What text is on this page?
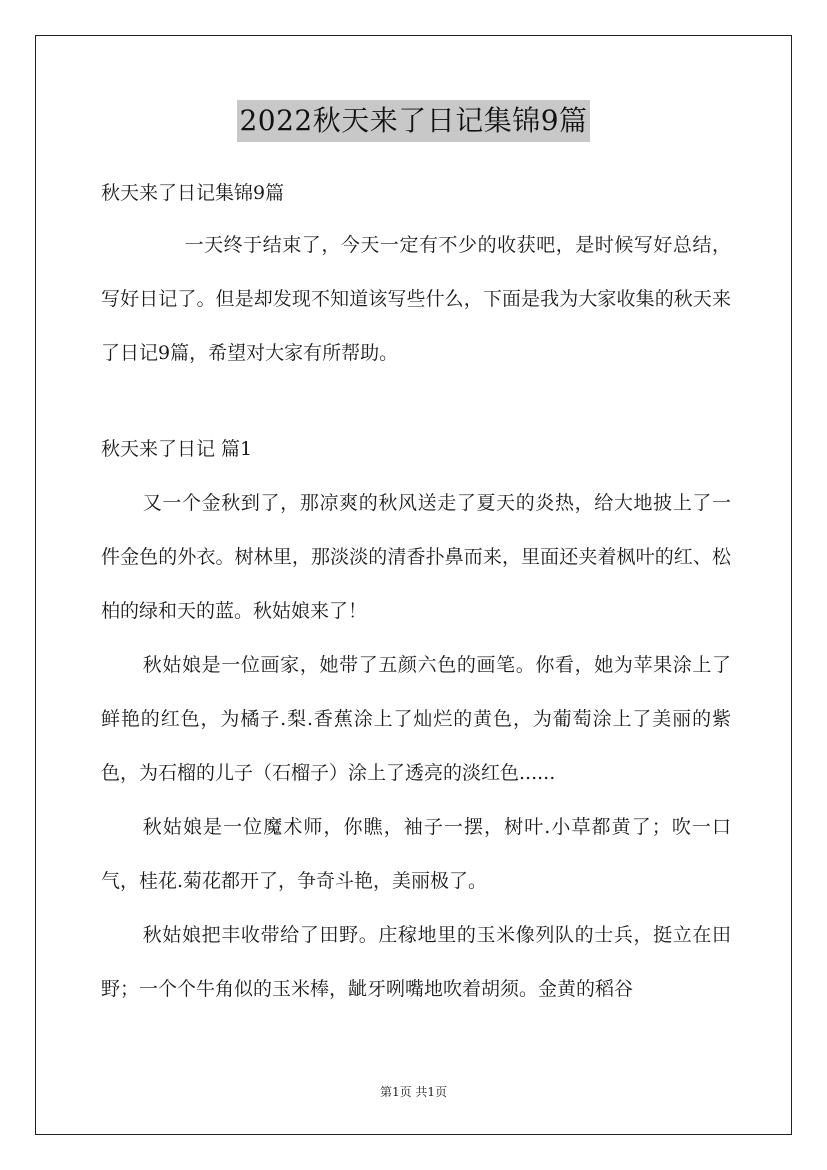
2022秋天来了日记集锦9篇

秋天来了日记集锦9篇

一天终于结束了，今天一定有不少的收获吧，是时候写好总结，写好日记了。但是却发现不知道该写些什么，下面是我为大家收集的秋天来了日记9篇，希望对大家有所帮助。

秋天来了日记 篇1

又一个金秋到了，那凉爽的秋风送走了夏天的炎热，给大地披上了一件金色的外衣。树林里，那淡淡的清香扑鼻而来，里面还夹着枫叶的红、松柏的绿和天的蓝。秋姑娘来了！

秋姑娘是一位画家，她带了五颜六色的画笔。你看，她为苹果涂上了鲜艳的红色，为橘子.梨.香蕉涂上了灿烂的黄色，为葡萄涂上了美丽的紫色，为石榴的儿子（石榴子）涂上了透亮的淡红色......

秋姑娘是一位魔术师，你瞧，袖子一摆，树叶.小草都黄了；吹一口气，桂花.菊花都开了，争奇斗艳，美丽极了。

秋姑娘把丰收带给了田野。庄稼地里的玉米像列队的士兵，挺立在田野；一个个牛角似的玉米棒，龇牙咧嘴地吹着胡须。金黄的稻谷

第1页 共1页
